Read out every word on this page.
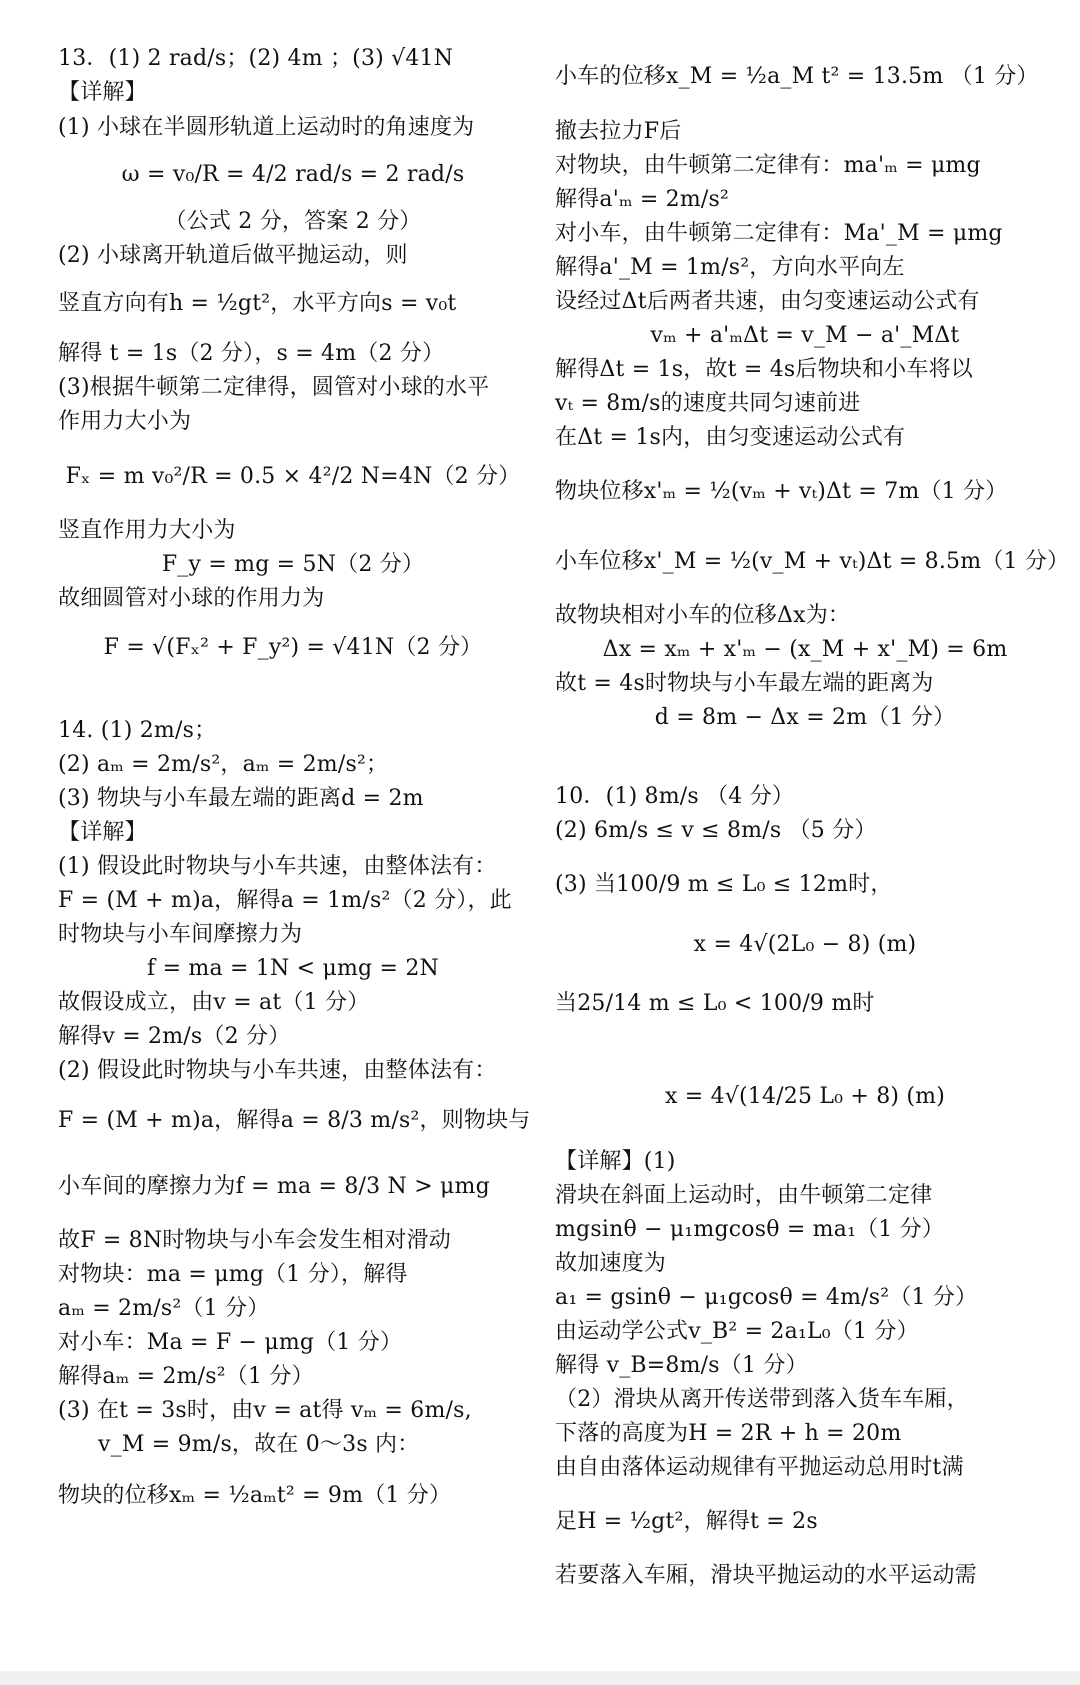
13．(1) 2 rad/s；(2) 4m ；(3) √41N
【详解】
(1) 小球在半圆形轨道上运动时的角速度为
ω = v₀/R = 4/2 rad/s = 2 rad/s
（公式 2 分，答案 2 分）
(2) 小球离开轨道后做平抛运动，则
竖直方向有h = ½gt²，水平方向s = v₀t
解得 t = 1s（2 分），s = 4m（2 分）
(3)根据牛顿第二定律得，圆管对小球的水平
作用力大小为
Fₓ = m v₀²/R = 0.5 × 4²/2 N=4N（2 分）
竖直作用力大小为
F_y = mg = 5N（2 分）
故细圆管对小球的作用力为
F = √(Fₓ² + F_y²) = √41N（2 分）
14. (1) 2m/s；
(2) aₘ = 2m/s²，aₘ = 2m/s²；
(3) 物块与小车最左端的距离d = 2m
【详解】
(1) 假设此时物块与小车共速，由整体法有：
F = (M + m)a，解得a = 1m/s²（2 分），此
时物块与小车间摩擦力为
f = ma = 1N < μmg = 2N
故假设成立，由v = at（1 分）
解得v = 2m/s（2 分）
(2) 假设此时物块与小车共速，由整体法有：
F = (M + m)a，解得a = 8/3 m/s²，则物块与
小车间的摩擦力为f = ma = 8/3 N > μmg
故F = 8N时物块与小车会发生相对滑动
对物块：ma = μmg（1 分），解得
aₘ = 2m/s²（1 分）
对小车：Ma = F − μmg（1 分）
解得aₘ = 2m/s²（1 分）
(3) 在t = 3s时，由v = at得 vₘ = 6m/s,
v_M = 9m/s，故在 0～3s 内：
物块的位移xₘ = ½aₘt² = 9m（1 分）
小车的位移x_M = ½a_M t² = 13.5m （1 分）
撤去拉力F后
对物块，由牛顿第二定律有：ma'ₘ = μmg
解得a'ₘ = 2m/s²
对小车，由牛顿第二定律有：Ma'_M = μmg
解得a'_M = 1m/s²，方向水平向左
设经过Δt后两者共速，由匀变速运动公式有
vₘ + a'ₘΔt = v_M − a'_MΔt
解得Δt = 1s，故t = 4s后物块和小车将以
vₜ = 8m/s的速度共同匀速前进
在Δt = 1s内，由匀变速运动公式有
物块位移x'ₘ = ½(vₘ + vₜ)Δt = 7m（1 分）
小车位移x'_M = ½(v_M + vₜ)Δt = 8.5m（1 分）
故物块相对小车的位移Δx为：
Δx = xₘ + x'ₘ − (x_M + x'_M) = 6m
故t = 4s时物块与小车最左端的距离为
d = 8m − Δx = 2m（1 分）
10．(1) 8m/s （4 分）
(2) 6m/s ≤ v ≤ 8m/s （5 分）
(3) 当100/9 m ≤ L₀ ≤ 12m时，
x = 4√(2L₀ − 8) (m)
当25/14 m ≤ L₀ < 100/9 m时
x = 4√(14/25 L₀ + 8) (m)
【详解】(1)
滑块在斜面上运动时，由牛顿第二定律
mgsinθ − μ₁mgcosθ = ma₁（1 分）
故加速度为
a₁ = gsinθ − μ₁gcosθ = 4m/s²（1 分）
由运动学公式v_B² = 2a₁L₀（1 分）
解得 v_B=8m/s（1 分）
（2）滑块从离开传送带到落入货车车厢，
下落的高度为H = 2R + h = 20m
由自由落体运动规律有平抛运动总用时t满
足H = ½gt²，解得t = 2s
若要落入车厢，滑块平抛运动的水平运动需
